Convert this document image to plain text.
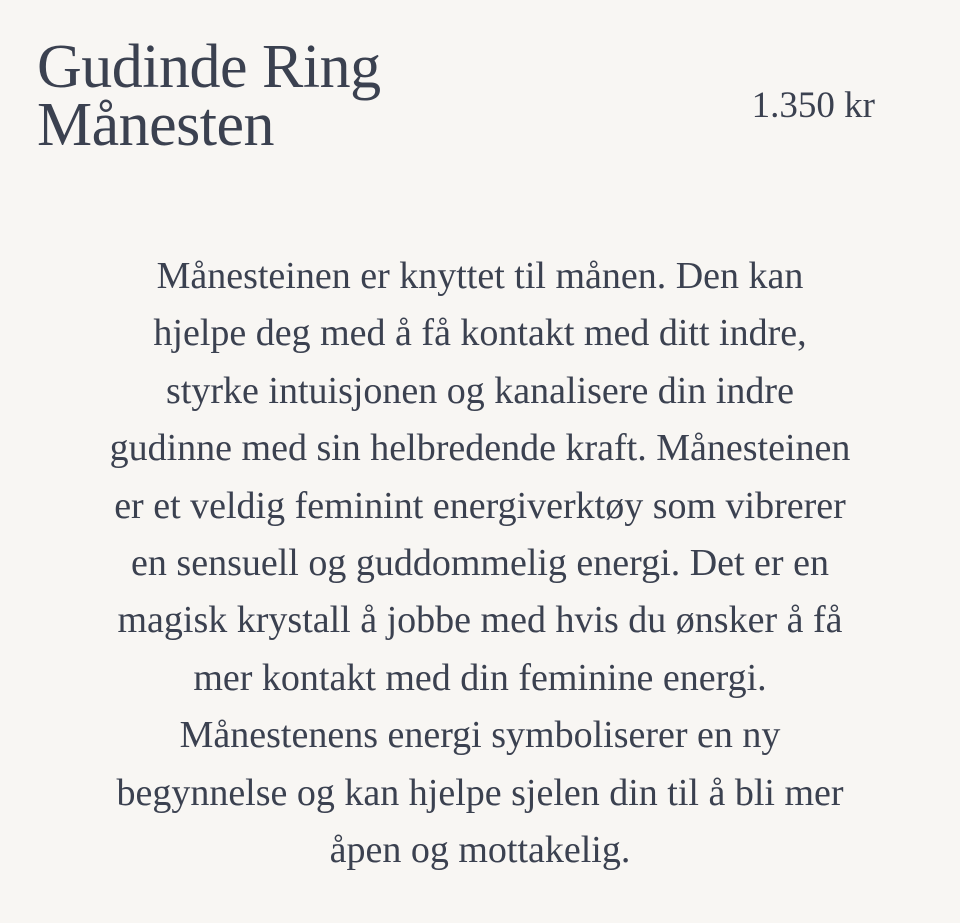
Gudinde Ring
Månesten	1.350 kr

Månesteinen er knyttet til månen. Den kan
hjelpe deg med å få kontakt med ditt indre,
styrke intuisjonen og kanalisere din indre
gudinne med sin helbredende kraft. Månesteinen
er et veldig feminint energiverktøy som vibrerer
en sensuell og guddommelig energi. Det er en
magisk krystall å jobbe med hvis du ønsker å få
mer kontakt med din feminine energi.
Månestenens energi symboliserer en ny
begynnelse og kan hjelpe sjelen din til å bli mer
åpen og mottakelig.
